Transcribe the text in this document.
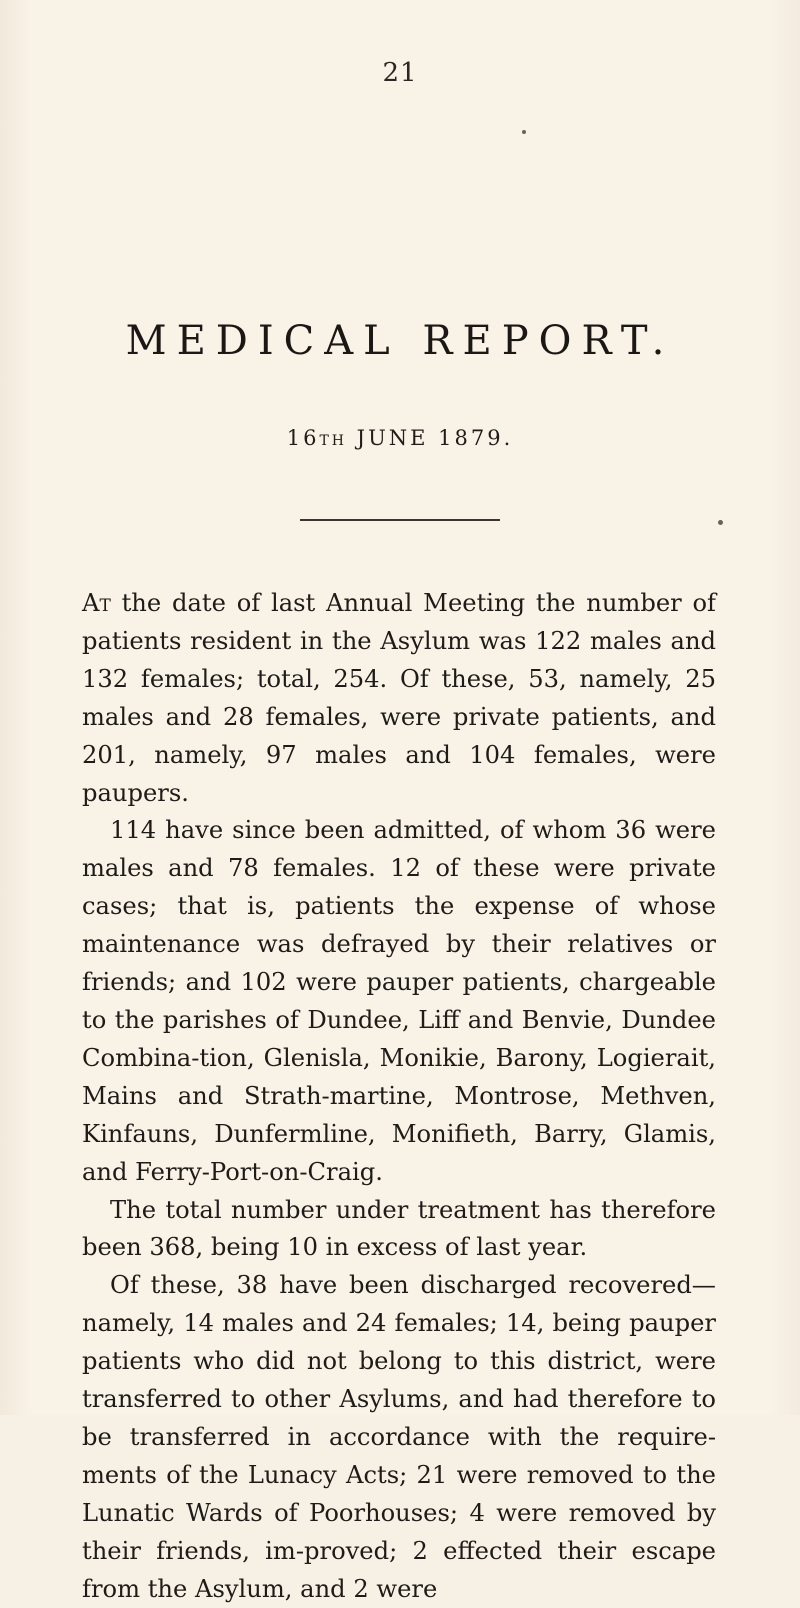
21
MEDICAL REPORT.
16TH JUNE 1879.

At the date of last Annual Meeting the number of patients resident in the Asylum was 122 males and 132 females; total, 254. Of these, 53, namely, 25 males and 28 females, were private patients, and 201, namely, 97 males and 104 females, were paupers.

114 have since been admitted, of whom 36 were males and 78 females. 12 of these were private cases; that is, patients the expense of whose maintenance was defrayed by their relatives or friends; and 102 were pauper patients, chargeable to the parishes of Dundee, Liff and Benvie, Dundee Combina-tion, Glenisla, Monikie, Barony, Logierait, Mains and Strath-martine, Montrose, Methven, Kinfauns, Dunfermline, Monifieth, Barry, Glamis, and Ferry-Port-on-Craig.

The total number under treatment has therefore been 368, being 10 in excess of last year.

Of these, 38 have been discharged recovered—namely, 14 males and 24 females; 14, being pauper patients who did not belong to this district, were transferred to other Asylums, and had therefore to be transferred in accordance with the require-ments of the Lunacy Acts; 21 were removed to the Lunatic Wards of Poorhouses; 4 were removed by their friends, im-proved; 2 effected their escape from the Asylum, and 2 were
